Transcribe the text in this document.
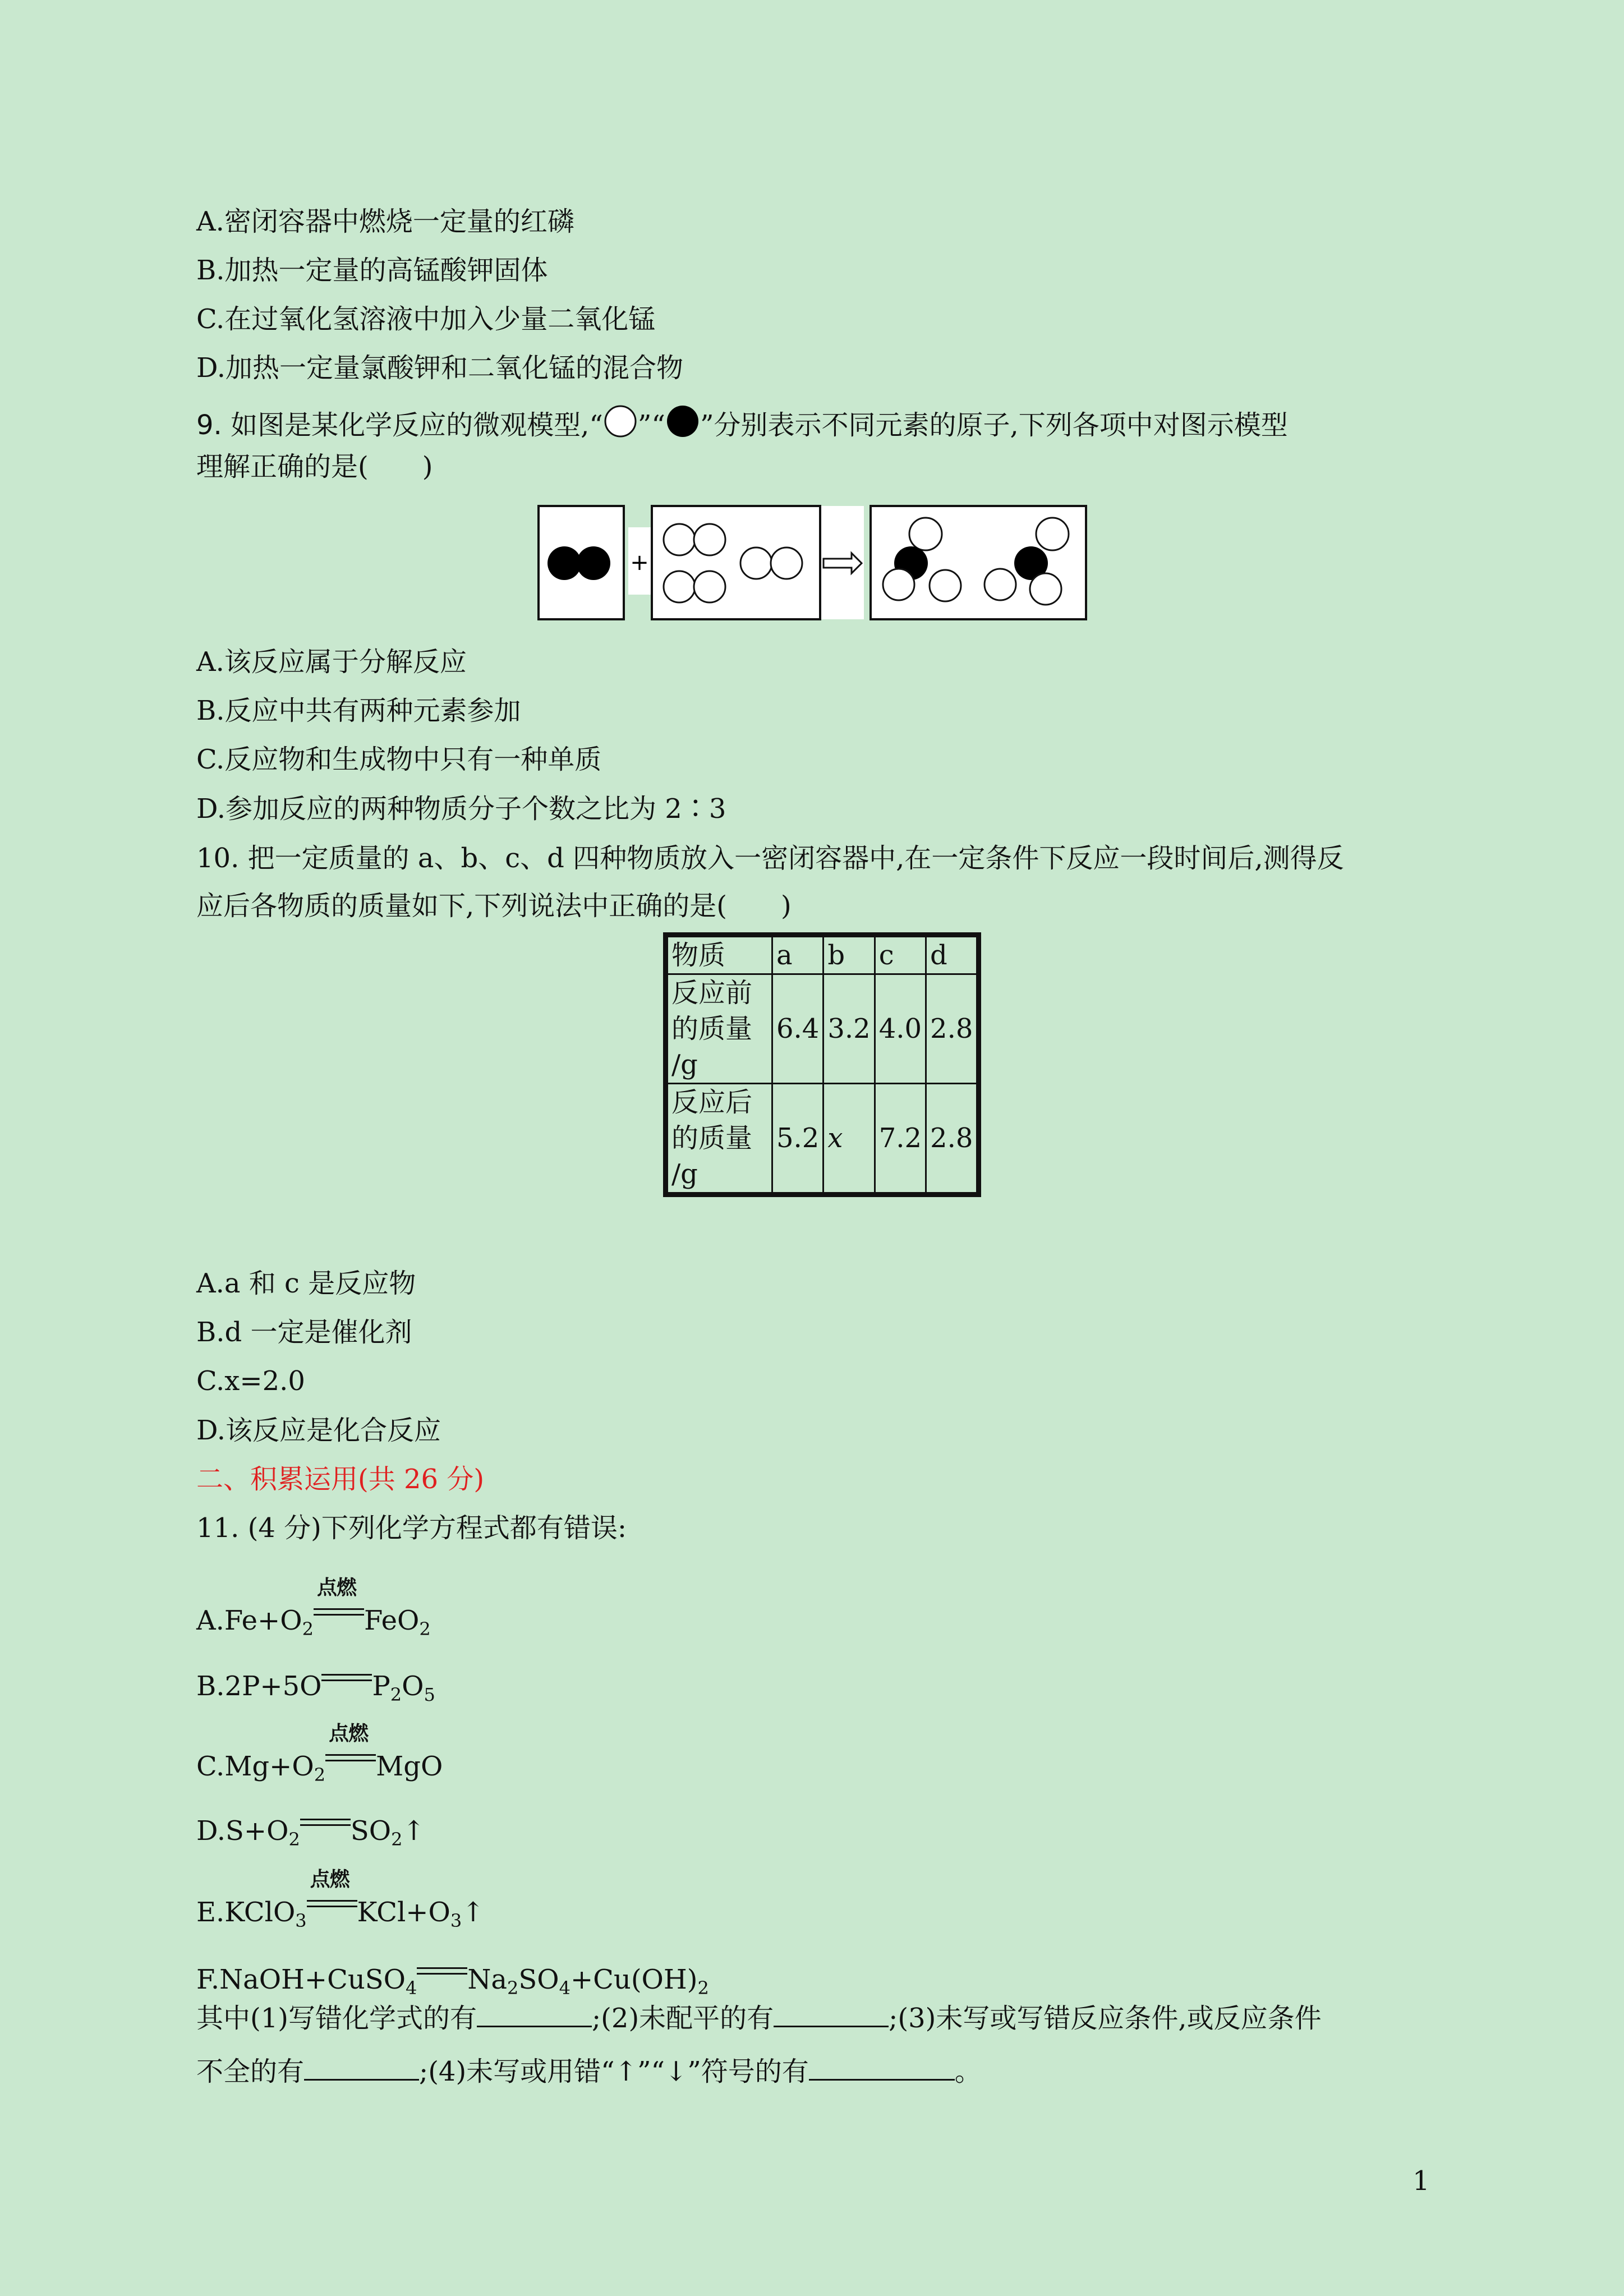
A.密闭容器中燃烧一定量的红磷
B.加热一定量的高锰酸钾固体
C.在过氧化氢溶液中加入少量二氧化锰
D.加热一定量氯酸钾和二氧化锰的混合物
9. 如图是某化学反应的微观模型,“ ”“ ”分别表示不同元素的原子,下列各项中对图示模型
理解正确的是(　　)
+
A.该反应属于分解反应
B.反应中共有两种元素参加
C.反应物和生成物中只有一种单质
D.参加反应的两种物质分子个数之比为 2∶3
10. 把一定质量的 a、b、c、d 四种物质放入一密闭容器中,在一定条件下反应一段时间后,测得反
应后各物质的质量如下,下列说法中正确的是(　　)
物质	a	b	c	d

反应前
的质量
/g	6.4	3.2	4.0	2.8

反应后
的质量
/g	5.2	x	7.2	2.8
A.a 和 c 是反应物
B.d 一定是催化剂
C.x=2.0
D.该反应是化合反应
二、积累运用(共 26 分)
11. (4 分)下列化学方程式都有错误:
$A.Fe+O_2$
点燃
FeO$_2$
B.2P+5O $P_2O_5$
$C.Mg+O_2$
点燃
MgO
$D.S+O_2$ $SO_2↑$
E.KClO$_3$
点燃
$KCl+O_3↑$
F.NaOH+CuSO$_4$ $Na_2SO_4+Cu(OH)_2$
其中(1)写错化学式的有	;(2)未配平的有	;(3)未写或写错反应条件,或反应条件
不全的有	;(4)未写或用错“↑”“↓”符号的有	。
1
